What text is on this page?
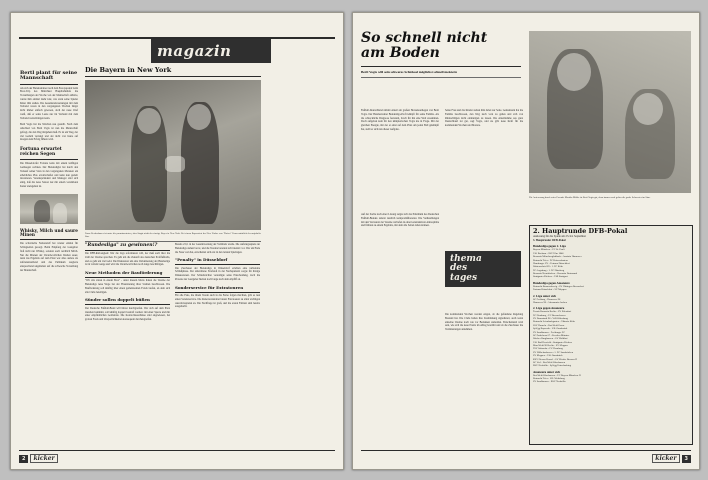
magazin
Bertl plant für seine Mannschaft
Als sich der Bundestrainer nach dem Europapokal beim Boot-Trip des Münchner Hauptbahnhofs die Vorstellungen der Woche von der Mannschaft anhörte, wurde ihm einmal mehr klar, wie stark seine Spieler hinter ihm stehen. Die Auseinandersetzungen mit dem Verband waren in den vergangenen Wochen längst nicht immer einfach gewesen, doch der neue Chef weiß, daß er seine Leute nur im Verbund mit dem Verband weiterbringen kann.
Bertl Vogts hat die Weichen neu gestellt. Nach dem Abschied von Berti Vogts ist nun die Mannschaft gefragt, die den Weg mitgehen muß. Es ist ein Weg, der viel Geduld verlangt und der nicht von heute auf morgen zum Erfolg führen wird.
Fortuna erwartet reichen Segen
Die Düsseldorfer Fortuna kann mit einem kräftigen Geldsegen rechnen. Der Bundesligist hat durch den Verkauf seiner Stars in den vergangenen Monaten ein erhebliches Plus erwirtschaftet und kann nun gezielt investieren. Vereinspräsident und Manager sind sich einig, daß die neue Saison nur mit einem verstärkten Kader anzugehen ist.
Whisky, Milch und saure Minen
Die schottische Nationalelf hat wieder einmal für Schlagzeilen gesorgt. Beim Empfang der Gastgeber floß nicht nur Whisky, sondern auch reichlich Milch. Nur die Mienen der Verantwortlichen blieben sauer, denn das Ergebnis auf dem Platz war alles andere als zufriedenstellend und das Publikum reagierte entsprechend ungehalten auf die schwache Vorstellung der Mannschaft.
Die Bayern in New York
Franz Beckenbauer ist unter die prominentesten, aber längst nicht der einzige Bayer in New York. Bei einem Bayernfest der New Yorker war "Kaiser" Franz natürlich der umjubelte Star.
"Rundesliga" zu gewinnen!?
Die DFB-Ratlosigkeit: Wer die Liga reformieren will, der muß auch über die Zahl der Vereine sprechen. Es geht um die Zukunft des deutschen Profifußballs, und es geht um viel Geld. Die Diskussion um eine Verkleinerung der Bundesliga ist in vollem Gange und wird die Verantwortlichen noch lange beschäftigen.
Neue Methoden der Bauförderung
"Wir alle sitzen in einem Boot" - unter diesem Motto haben die Vereine der Bundesliga neue Wege bei der Finanzierung ihrer Stadien beschlossen. Die Bauförderung soll künftig über einen gemeinsamen Fonds laufen, an dem sich alle Clubs beteiligen.
Sünder sollen doppelt büßen
Der Deutsche Fußball-Bund will härter durchgreifen. Wer sich auf dem Platz daneben benimmt, soll künftig doppelt bestraft werden: mit einer Sperre und mit einer empfindlichen Geldstrafe. Die Kontrollausschüsse sind angewiesen, bei groben Fouls und Unsportlichkeiten konsequent durchzugreifen.
Bereits 2:0,1 in der Gesamtwertung der Verbände wurde. Die Aufstiegsspiele zur Bundesliga stehen bevor, und die Vereine bereiten sich intensiv vor. Wer am Ende die Nase vorn hat, entscheidet sich erst in den letzten Spieltagen.
"Penalty" in Düsseldorf
Die Zuschauer der Bundesliga in Düsseldorf erlebten eine turbulente Schlußphase. Der umstrittene Strafstoß in der Nachspielzeit sorgte für hitzige Diskussionen. Der Schiedsrichter verteidigte seine Entscheidung, doch die Proteste der Gastgeber hielten noch lange nach dem Abpfiff an.
Sonderservice für Extratouren
Für alle Fans, die ihrem Verein auch in die Ferne folgen möchten, gibt es nun einen Sonderservice. Die Reiseveranstalter bieten Extratouren zu allen wichtigen Auswärtsspielen an. Die Nachfrage ist groß, und die ersten Fahrten sind bereits ausgebucht.
2	kicker
So schnell nicht
am Boden
Bertl Vogts will sein schweres Schicksal möglichst schnell meistern
Die Anfeuerung durch seine Freunde Monika Müller ist Berti Vogts gut, denn immer noch gelten die große Schwester im Sinn.
Fußball-Deutschland nimmt Anteil am großen Herzensanliegen von Berti Vogts. Der Bundestrainer Bundesliga-Profi kämpft für seine Familie. Als die schreckliche Diagnose feststand, brach für ihn eine Welt zusammen. Doch aufgeben kam für den kämpferischen Vogts nie in Frage. Mit der gleichen Energie, mit der er einst auf dem Platz um jeden Ball gekämpft hat, stellt er sich nun dieser Aufgabe.
Seine Frau und die Kinder stehen ihm dabei zur Seite. Gemeinsam hat die Familie beschlossen, den Weg nach vorn zu gehen und sich von Rückschlägen nicht entmutigen zu lassen. Die Anteilnahme aus ganz Deutschland tut gut, sagt Vogts, und sie gibt neue Kraft für die kommenden Wochen und Monate.
thema
des
tages
Auf der Suche nach einer Lösung zeigte sich das Präsidium des Deutschen Fußball-Bundes zuletzt deutlich kompromißbereiter. Die Verhandlungen mit den Vertretern der Vereine verliefen in einer konstruktiven Atmosphäre und führten zu einem Ergebnis, mit dem alle Seiten leben können.
Die kommenden Wochen werden zeigen, ob die gefundene Regelung Bestand hat. Die Clubs haben ihre Zustimmung signalisiert, auch wenn einzelne Vereine nach wie vor Bedenken anmelden. Entscheidend wird sein, wie sich die neue Praxis im Alltag bewährt und ob die Zuschauer die Veränderungen annehmen.
2. Hauptrunde DFB-Pokal
Auslosung für die Spiele am 23./24. September
3. Hauptrunde: DFB-Pokal
Bundesliga gegen 2. Liga
Bayern München - FC St. Pauli
VfL Bochum - SSV Ulm 1846
Borussia Mönchengladbach - Arminia Hannover
Eintracht Trier - FC Kaiserslautern
Hamburger SV - Fortuna Düsseldorf
Wattenscheid 09 - 1. FC Köln
FC Augsburg - 1. FC Nürnberg
Borussia Neunkirchen - Borussia Dortmund
Stuttgarter Kickers - VfB Stuttgart
Bundesliga gegen Amateure
Eintracht Braunschweig - SV Hittingen Bremerhof
Fortuna Düsseldorf - SV Meppen
2. Liga unter sich
SC Freiburg - Hannover 96
Hannover 96 - Alemannia Aachen
2. Liga gegen Amateure
Tennis Borussia Berlin - SV Eilendorf
FC Homburg - FC Bremerhaven
SV Darmstadt 98 - VfB Oldenburg
Eintracht Leimbachgarten - Viktoria Köln
SSV Hameln - Rot-Weiß Essen
SpVgg Bayreuth - VfL Osnabrück
SV Sandhausen - Freiburger FC
SC Paderborn 07 - Preußen Münster
Wacker Burghausen - SV Waldhof
VfL Bad Hersfeld - Stuttgarter Kickers
Blau-Weiß 90 Berlin - SV Meppen
FSV Salmrohr - FC Homburg
SV Wilhelmshaven - 1. FC Saarbrücken
SV Meppen - VfL Osnabrück
KSV Hessen Kassel - SV Werder Bremen II
SC Verl - Rot-Weiß Oberhausen
BSV Neukölln - SpVgg Unterhaching
Amateure unter sich
Rot-Weiß Oberhausen - FC Bayern München II
Eintracht Trier - VfL Wolfsburg
SV Sandhausen - BSV Neukölln
kicker	3
